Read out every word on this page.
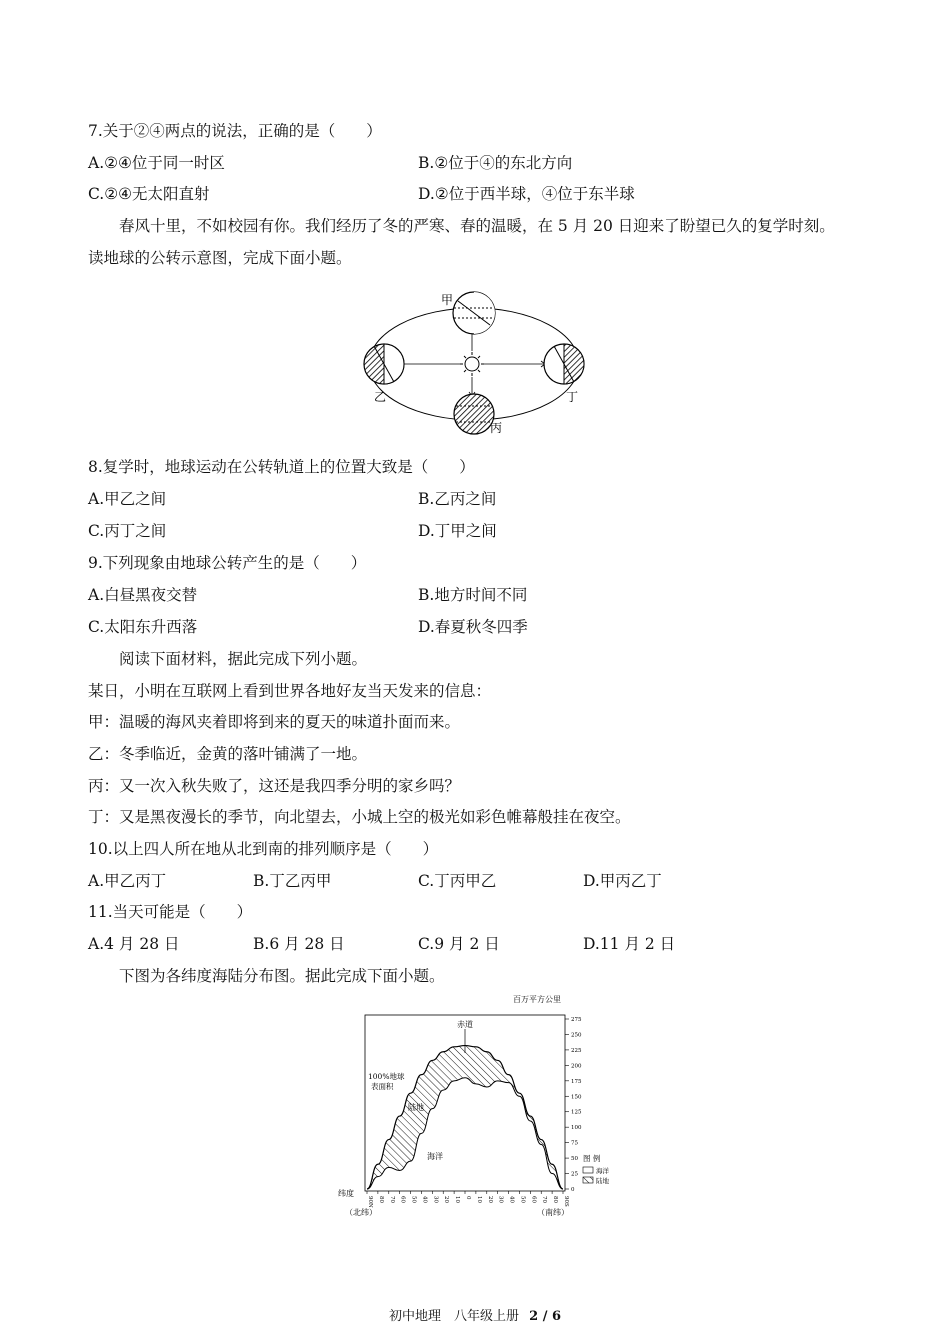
7.关于②④两点的说法，正确的是（　　）
A.②④位于同一时区	B.②位于④的东北方向
C.②④无太阳直射	D.②位于西半球，④位于东半球
春风十里，不如校园有你。我们经历了冬的严寒、春的温暖，在 5 月 20 日迎来了盼望已久的复学时刻。
读地球的公转示意图，完成下面小题。
甲
乙
丙
丁
8.复学时，地球运动在公转轨道上的位置大致是（　　）
A.甲乙之间	B.乙丙之间
C.丙丁之间	D.丁甲之间
9.下列现象由地球公转产生的是（　　）
A.白昼黑夜交替	B.地方时间不同
C.太阳东升西落	D.春夏秋冬四季
阅读下面材料，据此完成下列小题。
某日，小明在互联网上看到世界各地好友当天发来的信息：
甲：温暖的海风夹着即将到来的夏天的味道扑面而来。
乙：冬季临近，金黄的落叶铺满了一地。
丙：又一次入秋失败了，这还是我四季分明的家乡吗？
丁：又是黑夜漫长的季节，向北望去，小城上空的极光如彩色帷幕般挂在夜空。
10.以上四人所在地从北到南的排列顺序是（　　）
A.甲乙丙丁	B.丁乙丙甲	C.丁丙甲乙	D.甲丙乙丁
11.当天可能是（　　）
A.4 月 28 日	B.6 月 28 日	C.9 月 2 日	D.11 月 2 日
下图为各纬度海陆分布图。据此完成下面小题。
百万平方公里
0
25
50
75
100
125
150
175
200
225
250
275
90N 80 70 60 50 40 30 20 10 0 10 20 30 40 50 60 70 80 90S
赤道
100%地球
表面积
陆地
海洋	图 例
海洋
陆地
纬度
（北纬）	（南纬）
初中地理　八年级上册 2 / 6
